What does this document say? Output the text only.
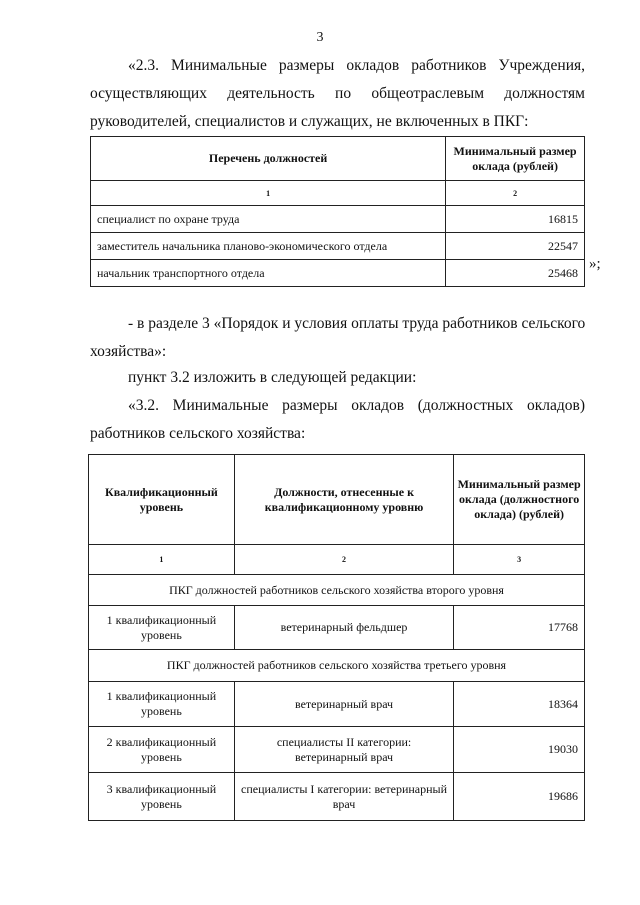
3
«2.3. Минимальные размеры окладов работников Учреждения,
осуществляющих деятельность по общеотраслевым должностям
руководителей, специалистов и служащих, не включенных в ПКГ:
Перечень должностей	Минимальный размер оклада (рублей)
1	2
специалист по охране труда	16815
заместитель начальника планово-экономического отдела	22547
начальник транспортного отдела	25468
»;
- в разделе 3 «Порядок и условия оплаты труда работников сельского
хозяйства»:
пункт 3.2 изложить в следующей редакции:
«3.2. Минимальные размеры окладов (должностных окладов)
работников сельского хозяйства:
Квалификационный уровень	Должности, отнесенные к квалификационному уровню	Минимальный размер оклада (должностного оклада) (рублей)
1	2	3
ПКГ должностей работников сельского хозяйства второго уровня		
1 квалификационный уровень	ветеринарный фельдшер	17768
ПКГ должностей работников сельского хозяйства третьего уровня		
1 квалификационный уровень	ветеринарный врач	18364
2 квалификационный уровень	специалисты II категории: ветеринарный врач	19030
3 квалификационный уровень	специалисты I категории: ветеринарный врач	19686
